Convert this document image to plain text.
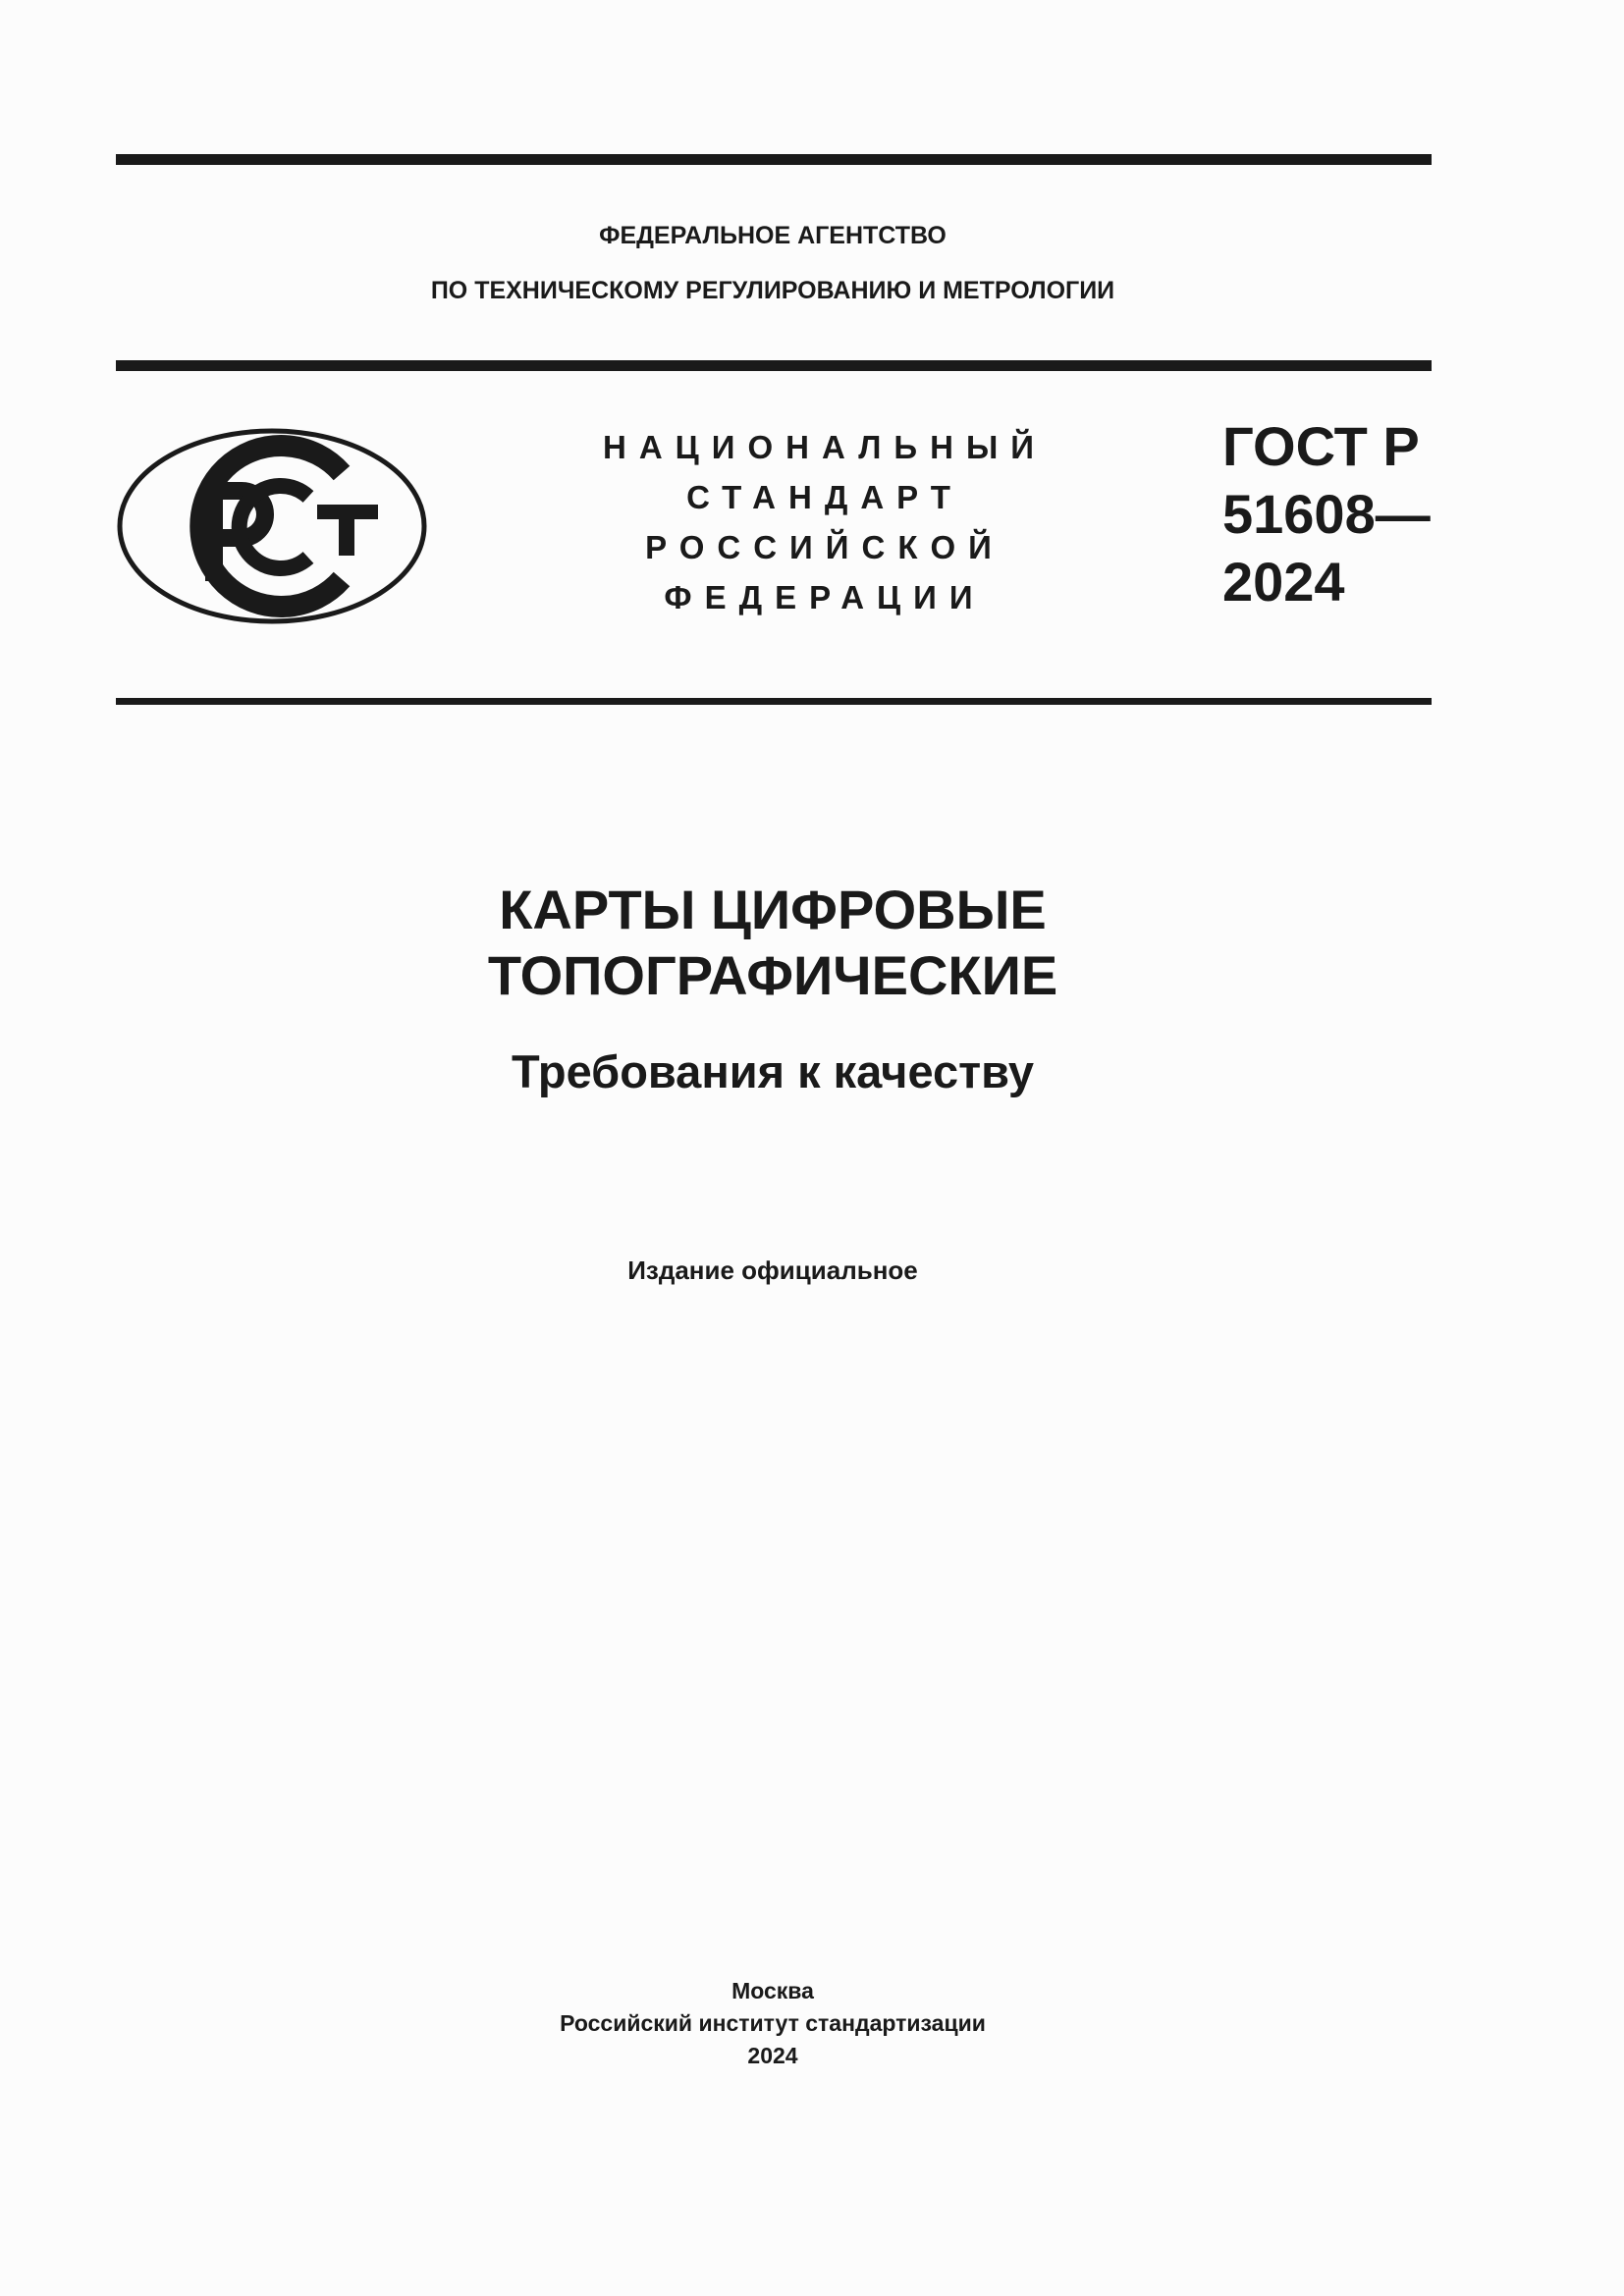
ФЕДЕРАЛЬНОЕ АГЕНТСТВО
ПО ТЕХНИЧЕСКОМУ РЕГУЛИРОВАНИЮ И МЕТРОЛОГИИ
НАЦИОНАЛЬНЫЙ
СТАНДАРТ
РОССИЙСКОЙ
ФЕДЕРАЦИИ
ГОСТ Р
51608—
2024
КАРТЫ ЦИФРОВЫЕ
ТОПОГРАФИЧЕСКИЕ
Требования к качеству
Издание официальное
Москва
Российский институт стандартизации
2024
